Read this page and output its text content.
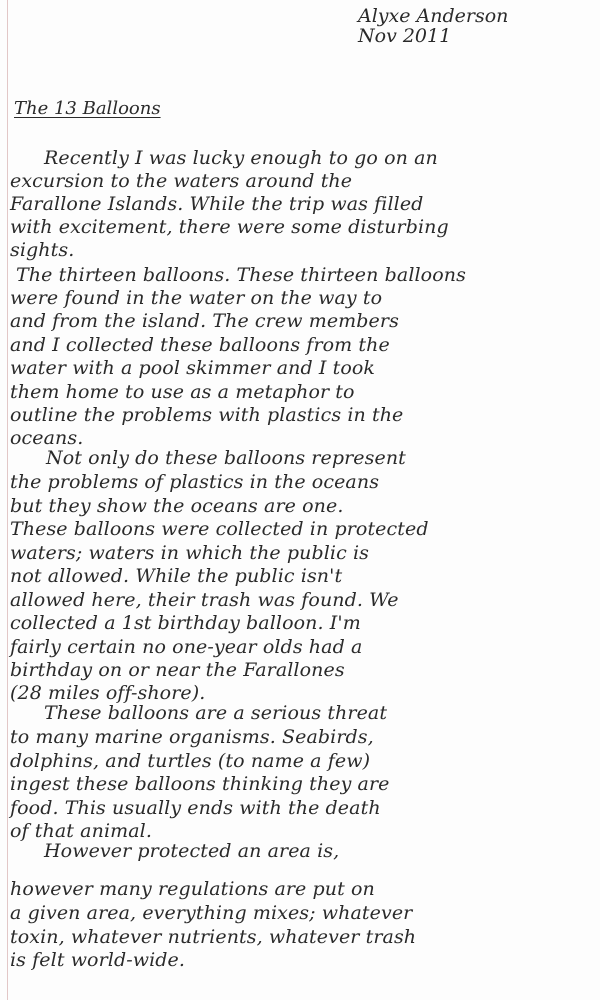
Alyxe Anderson
Nov 2011
The 13 Balloons
Recently I was lucky enough to go on an
excursion to the waters around the
Farallone Islands. While the trip was filled
with excitement, there were some disturbing
sights.
The thirteen balloons. These thirteen balloons
were found in the water on the way to
and from the island. The crew members
and I collected these balloons from the
water with a pool skimmer and I took
them home to use as a metaphor to
outline the problems with plastics in the
oceans.
Not only do these balloons represent
the problems of plastics in the oceans
but they show the oceans are one.
These balloons were collected in protected
waters; waters in which the public is
not allowed. While the public isn't
allowed here, their trash was found. We
collected a 1st birthday balloon. I'm
fairly certain no one-year olds had a
birthday on or near the Farallones
(28 miles off-shore).
These balloons are a serious threat
to many marine organisms. Seabirds,
dolphins, and turtles (to name a few)
ingest these balloons thinking they are
food. This usually ends with the death
of that animal.
However protected an area is,
however many regulations are put on
a given area, everything mixes; whatever
toxin, whatever nutrients, whatever trash
is felt world-wide.
